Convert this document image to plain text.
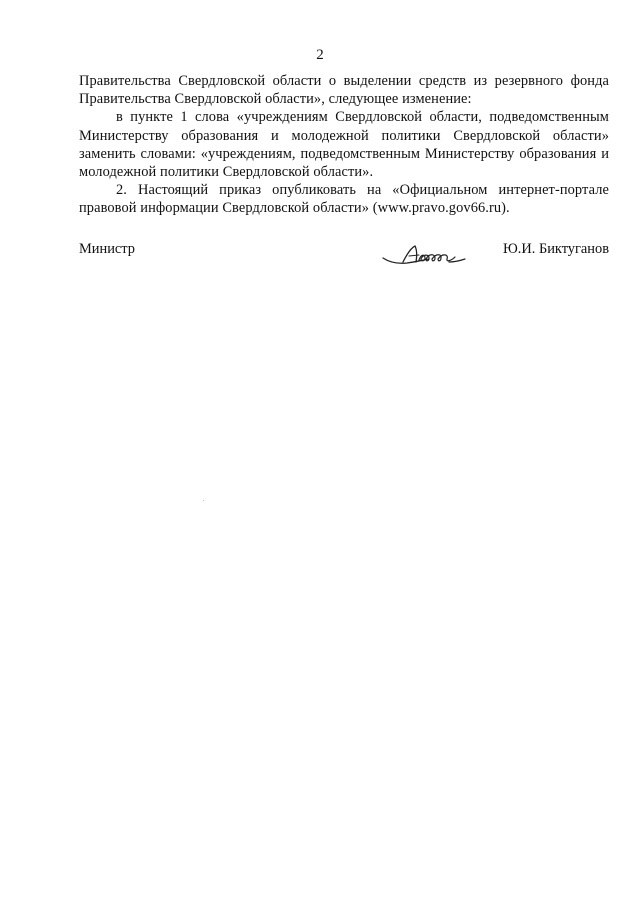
2

Правительства Свердловской области о выделении средств из резервного фонда Правительства Свердловской области», следующее изменение:

в пункте 1 слова «учреждениям Свердловской области, подведомственным Министерству образования и молодежной политики Свердловской области» заменить словами: «учреждениям, подведомственным Министерству образования и молодежной политики Свердловской области».

2. Настоящий приказ опубликовать на «Официальном интернет-портале правовой информации Свердловской области» (www.pravo.gov66.ru).

Министр	Ю.И. Биктуганов
